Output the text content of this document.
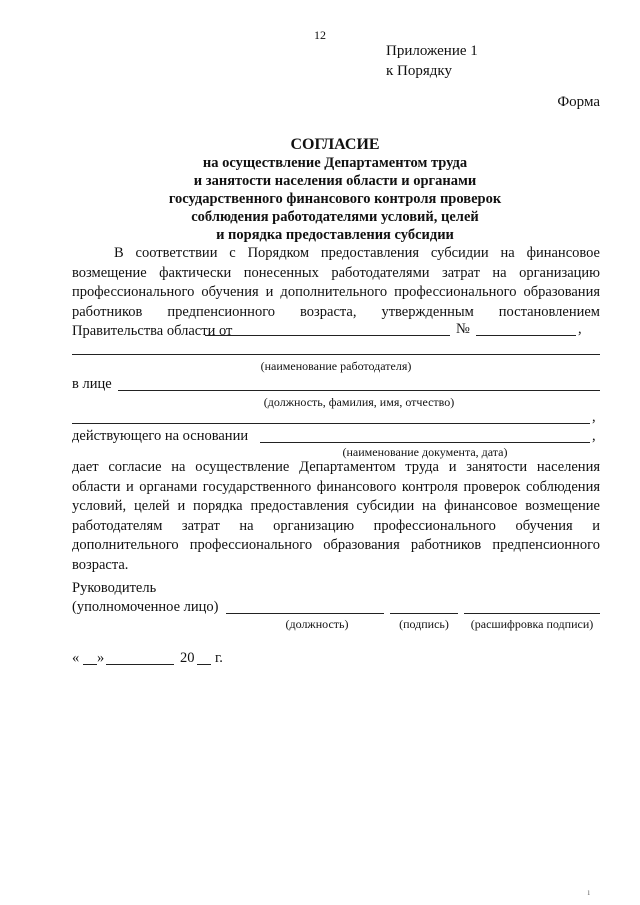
12
Приложение 1
к Порядку
Форма
СОГЛАСИЕ
на осуществление Департаментом труда
и занятости населения области и органами
государственного финансового контроля проверок
соблюдения работодателями условий, целей
и порядка предоставления субсидии

В соответствии с Порядком предоставления субсидии на финансовое возмещение фактически понесенных работодателями затрат на организацию профессионального обучения и дополнительного профессионального образования работников предпенсионного возраста, утвержденным постановлением Правительства области от	№	,
(наименование работодателя)
в лице
(должность, фамилия, имя, отчество)
,
действующего на основании	,
(наименование документа, дата)

дает согласие на осуществление Департаментом труда и занятости населения области и органами государственного финансового контроля проверок соблюдения условий, целей и порядка предоставления субсидии на финансовое возмещение работодателям затрат на организацию профессионального обучения и дополнительного профессионального образования работников предпенсионного возраста.

Руководитель
(уполномоченное лицо)
(должность)	(подпись)	(расшифровка подписи)
« »	20 г.
ı
